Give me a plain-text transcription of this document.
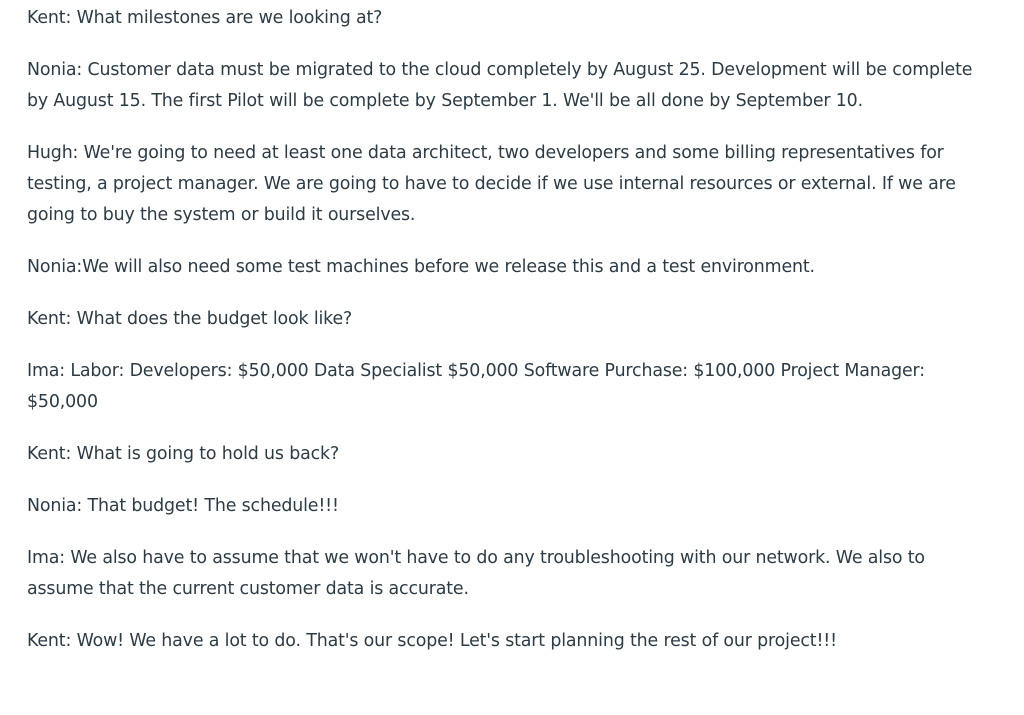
Kent: What milestones are we looking at?

Nonia: Customer data must be migrated to the cloud completely by August 25. Development will be complete by August 15. The first Pilot will be complete by September 1. We'll be all done by September 10.

Hugh: We're going to need at least one data architect, two developers and some billing representatives for testing, a project manager. We are going to have to decide if we use internal resources or external. If we are going to buy the system or build it ourselves.

Nonia:We will also need some test machines before we release this and a test environment.

Kent: What does the budget look like?

Ima: Labor: Developers: $50,000 Data Specialist $50,000 Software Purchase: $100,000 Project Manager: $50,000

Kent: What is going to hold us back?

Nonia: That budget! The schedule!!!

Ima: We also have to assume that we won't have to do any troubleshooting with our network. We also to assume that the current customer data is accurate.

Kent: Wow! We have a lot to do. That's our scope! Let's start planning the rest of our project!!!
